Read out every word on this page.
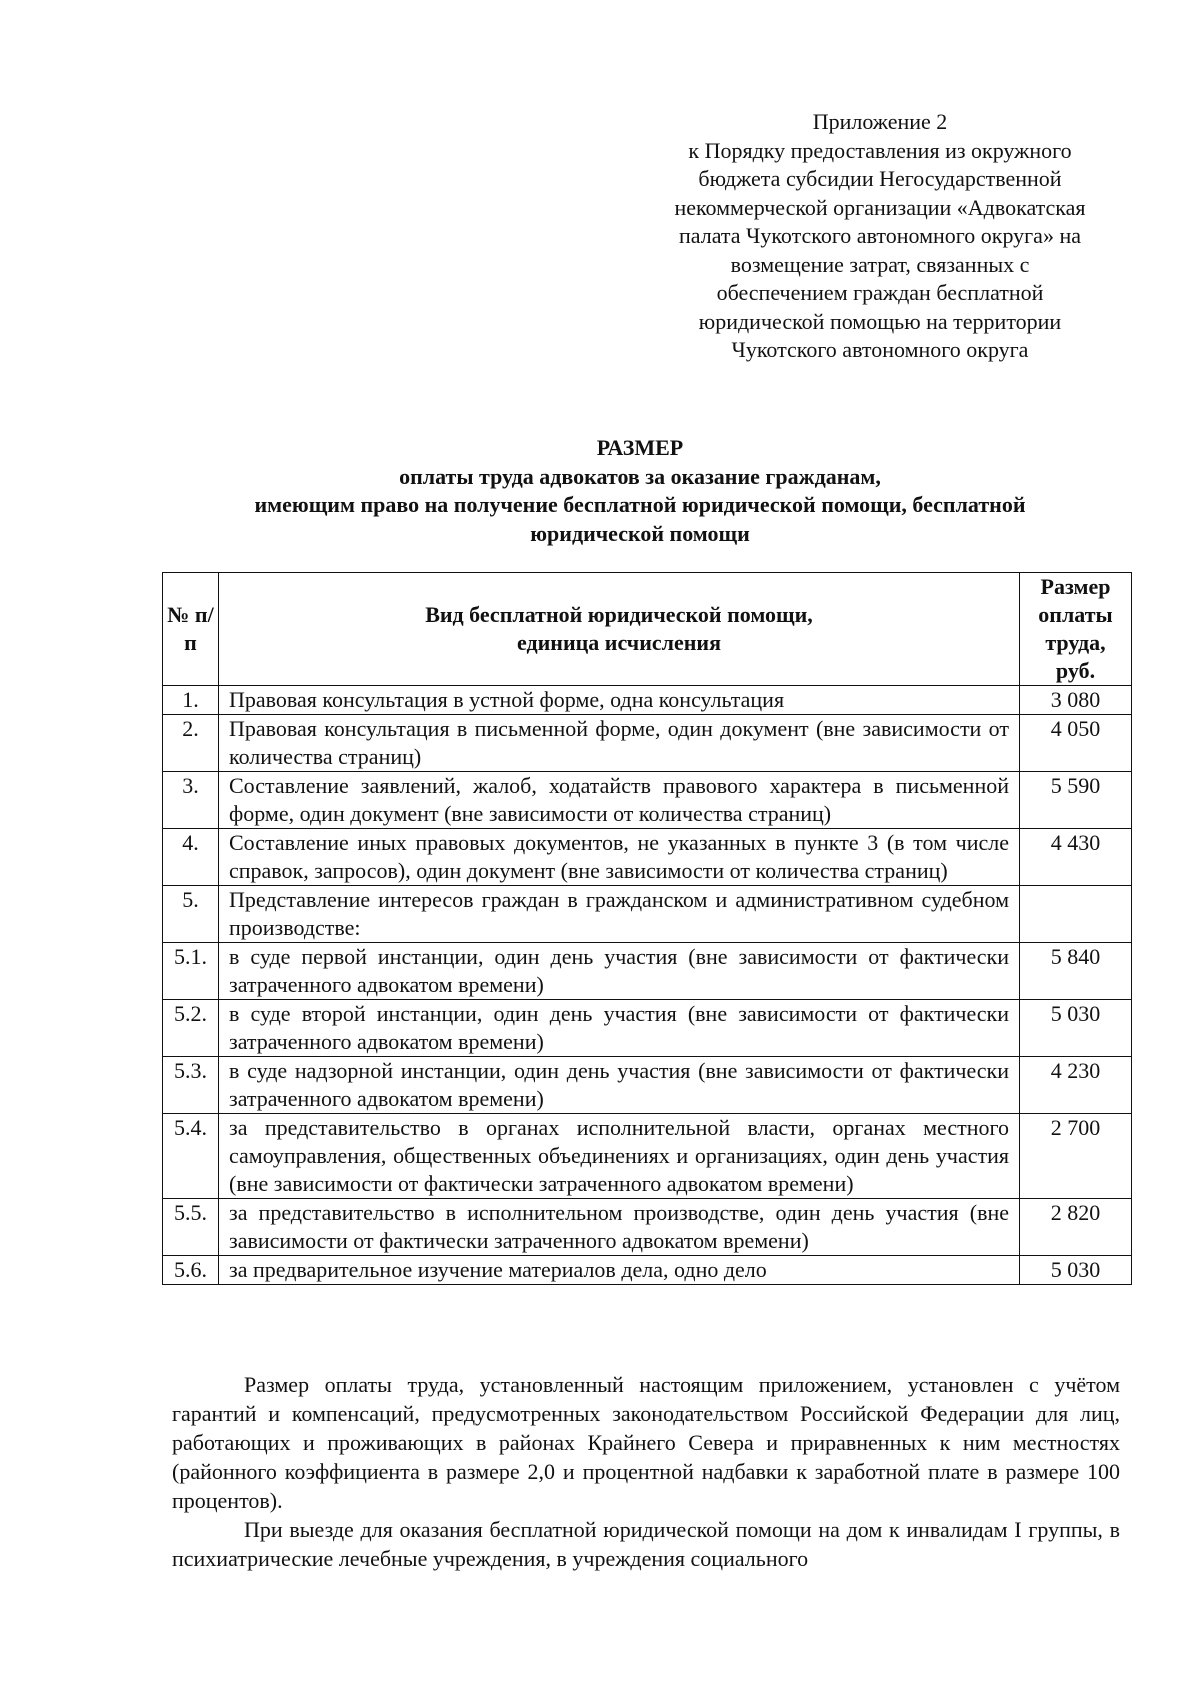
Приложение 2
к Порядку предоставления из окружного
бюджета субсидии Негосударственной
некоммерческой организации «Адвокатская
палата Чукотского автономного округа» на
возмещение затрат, связанных с
обеспечением граждан бесплатной
юридической помощью на территории
Чукотского автономного округа
РАЗМЕР
оплаты труда адвокатов за оказание гражданам,
имеющим право на получение бесплатной юридической помощи, бесплатной
юридической помощи
№ п/п	Вид бесплатной юридической помощи, единица исчисления	Размер оплаты труда, руб.
1.	Правовая консультация в устной форме, одна консультация	3 080
2.	Правовая консультация в письменной форме, один документ (вне зависимости от количества страниц)	4 050
3.	Составление заявлений, жалоб, ходатайств правового характера в письменной форме, один документ (вне зависимости от количества страниц)	5 590
4.	Составление иных правовых документов, не указанных в пункте 3 (в том числе справок, запросов), один документ (вне зависимости от количества страниц)	4 430
5.	Представление интересов граждан в гражданском и административном судебном производстве:	
5.1.	в суде первой инстанции, один день участия (вне зависимости от фактически затраченного адвокатом времени)	5 840
5.2.	в суде второй инстанции, один день участия (вне зависимости от фактически затраченного адвокатом времени)	5 030
5.3.	в суде надзорной инстанции, один день участия (вне зависимости от фактически затраченного адвокатом времени)	4 230
5.4.	за представительство в органах исполнительной власти, органах местного самоуправления, общественных объединениях и организациях, один день участия (вне зависимости от фактически затраченного адвокатом времени)	2 700
5.5.	за представительство в исполнительном производстве, один день участия (вне зависимости от фактически затраченного адвокатом времени)	2 820
5.6.	за предварительное изучение материалов дела, одно дело	5 030

Размер оплаты труда, установленный настоящим приложением, установлен с учётом гарантий и компенсаций, предусмотренных законодательством Российской Федерации для лиц, работающих и проживающих в районах Крайнего Севера и приравненных к ним местностях (районного коэффициента в размере 2,0 и процентной надбавки к заработной плате в размере 100 процентов).

При выезде для оказания бесплатной юридической помощи на дом к инвалидам I группы, в психиатрические лечебные учреждения, в учреждения социального
